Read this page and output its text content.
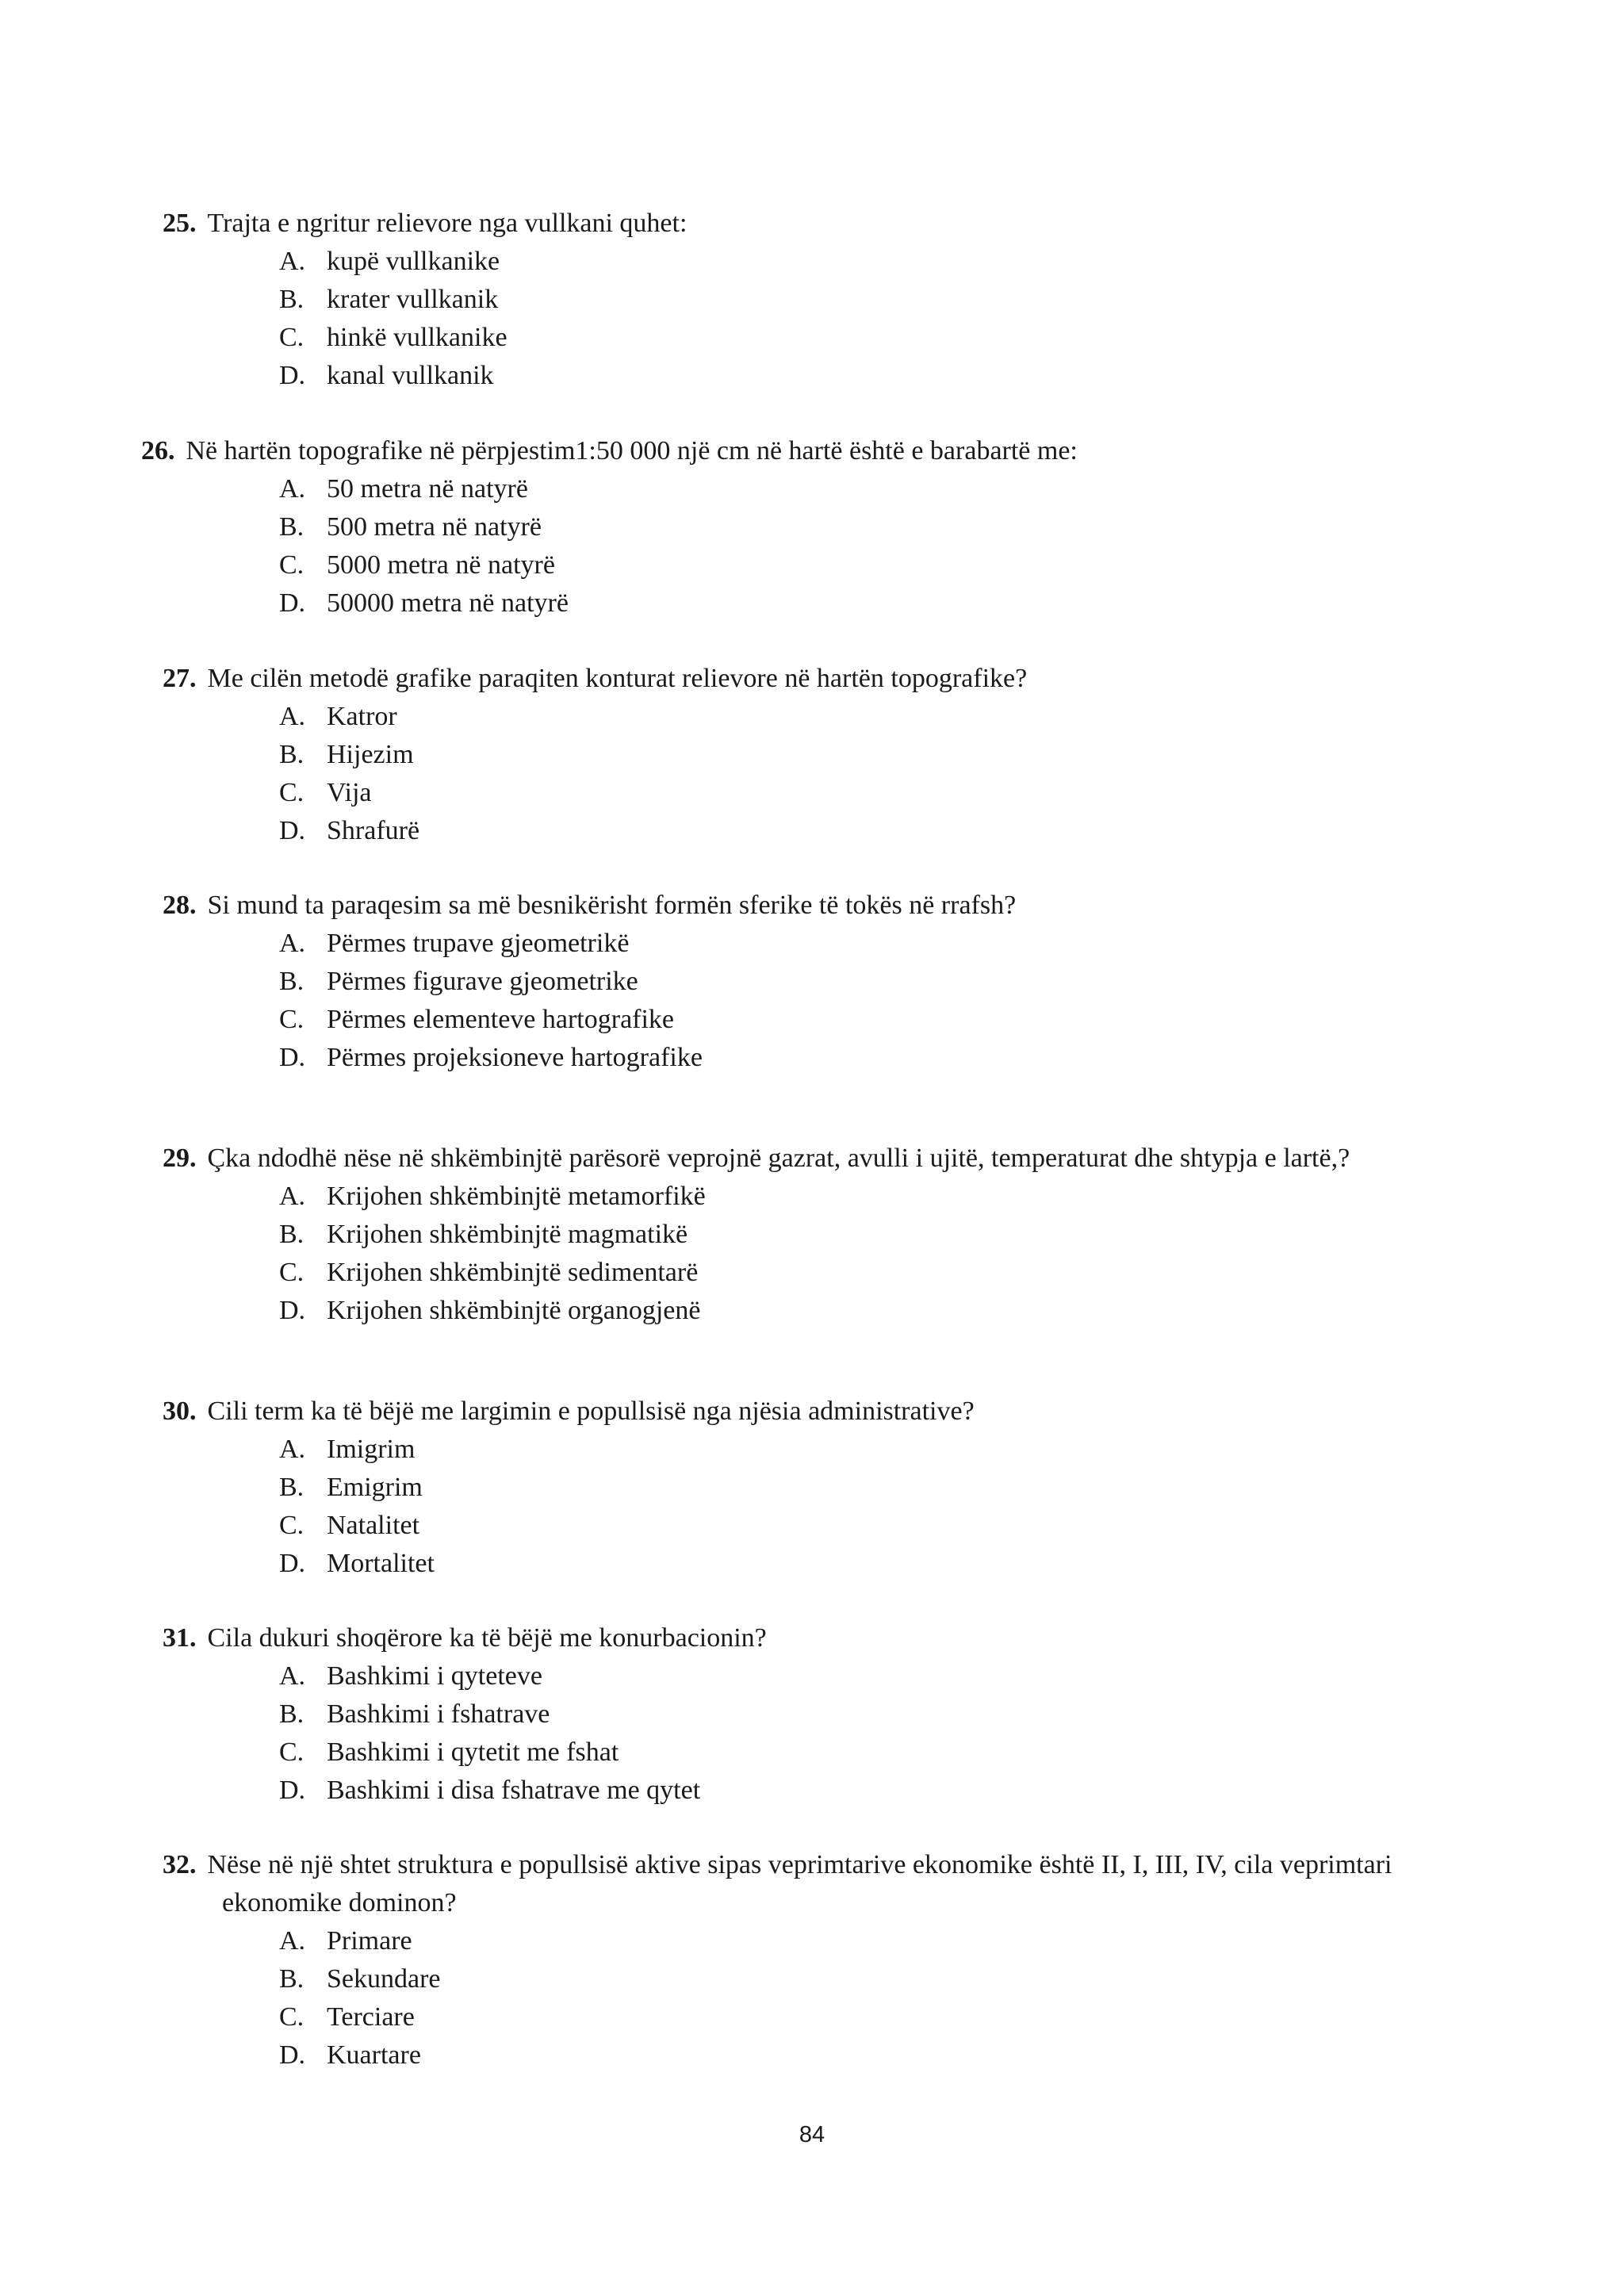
25. Trajta e ngritur relievore nga vullkani quhet:
A. kupë vullkanike
B. krater vullkanik
C. hinkë vullkanike
D. kanal vullkanik
26. Në hartën topografike në përpjestim1:50 000 një cm në hartë është e barabartë me:
A. 50 metra në natyrë
B. 500 metra në natyrë
C. 5000 metra në natyrë
D. 50000 metra në natyrë
27. Me cilën metodë grafike paraqiten konturat relievore në hartën topografike?
A. Katror
B. Hijezim
C. Vija
D. Shrafurë
28. Si mund ta paraqesim sa më besnikërisht formën sferike të tokës në rrafsh?
A. Përmes trupave gjeometrikë
B. Përmes figurave gjeometrike
C. Përmes elementeve hartografike
D. Përmes projeksioneve hartografike
29. Çka ndodhë nëse në shkëmbinjtë parësorë veprojnë gazrat, avulli i ujitë, temperaturat dhe shtypja e lartë,?
A. Krijohen shkëmbinjtë metamorfikë
B. Krijohen shkëmbinjtë magmatikë
C. Krijohen shkëmbinjtë sedimentarë
D. Krijohen shkëmbinjtë organogjenë
30. Cili term ka të bëjë me largimin e popullsisë nga njësia administrative?
A. Imigrim
B. Emigrim
C. Natalitet
D. Mortalitet
31. Cila dukuri shoqërore ka të bëjë me konurbacionin?
A. Bashkimi i qyteteve
B. Bashkimi i fshatrave
C. Bashkimi i qytetit me fshat
D. Bashkimi i disa fshatrave me qytet
32. Nëse në një shtet struktura e popullsisë aktive sipas veprimtarive ekonomike është II, I, III, IV, cila veprimtari
ekonomike dominon?
A. Primare
B. Sekundare
C. Terciare
D. Kuartare
84
